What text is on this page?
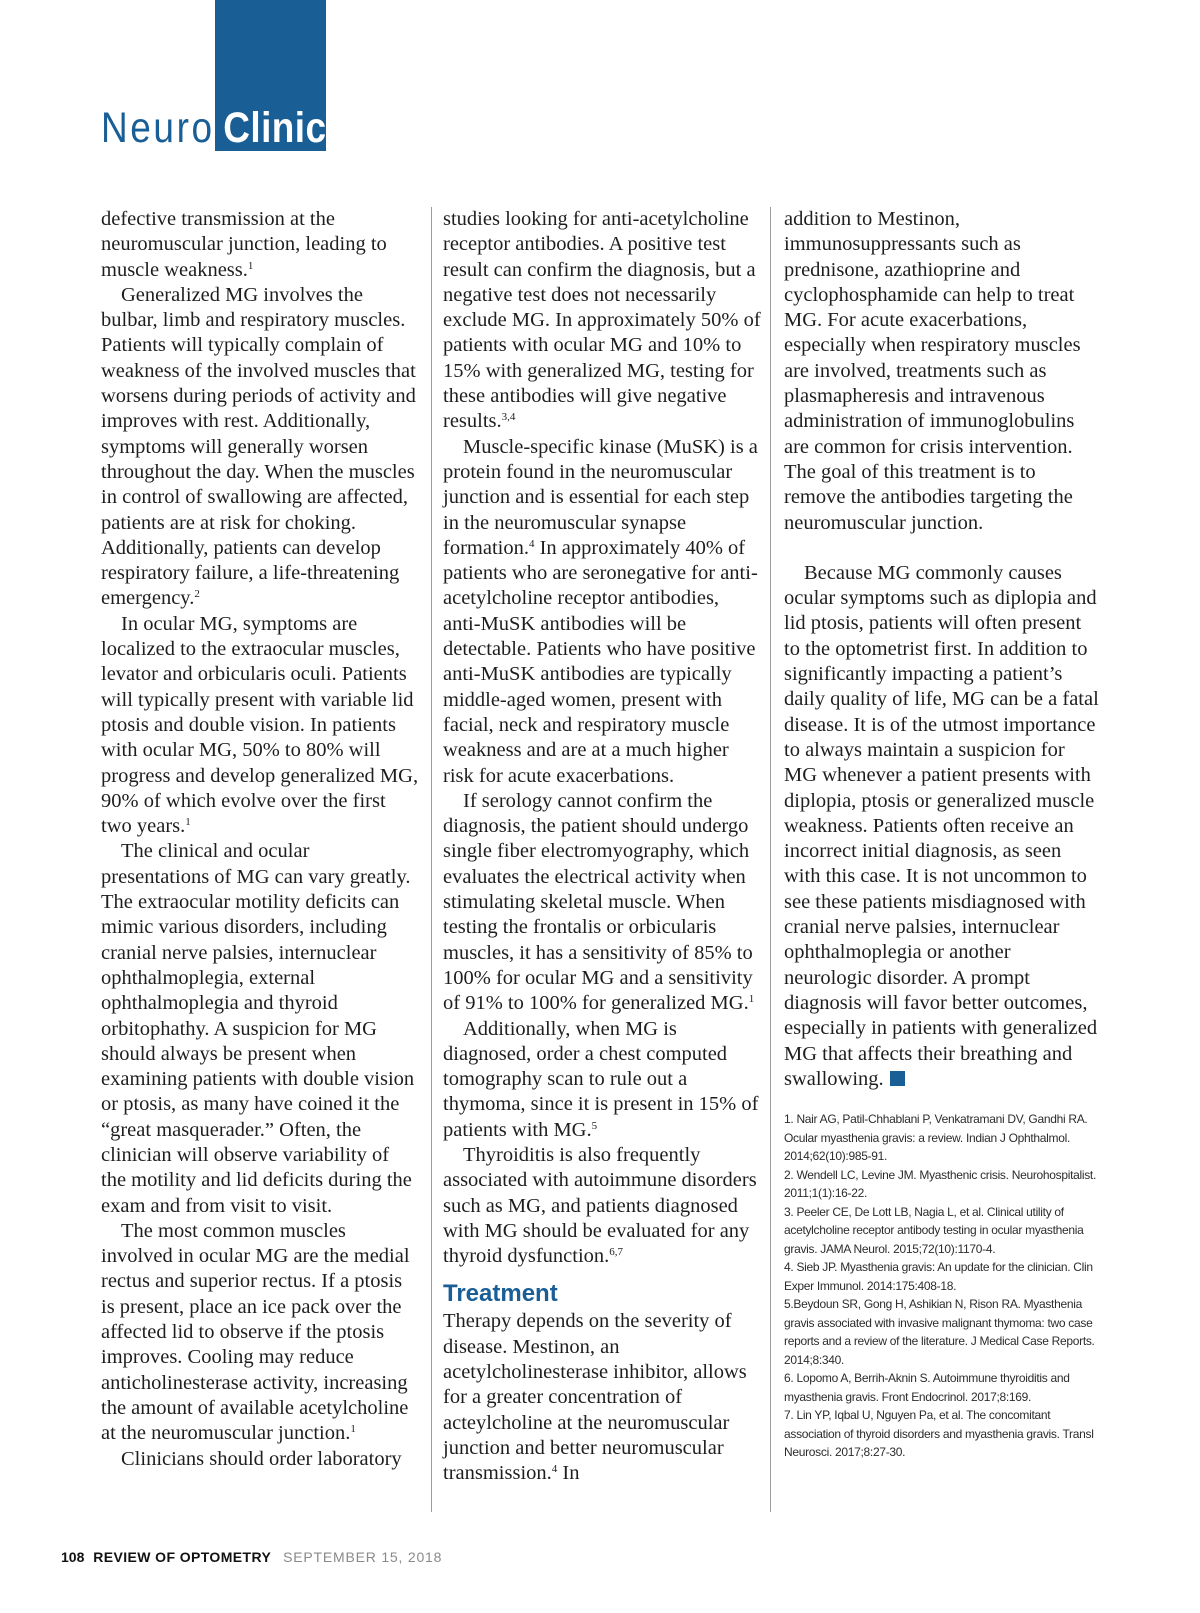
Neuro Clinic

defective transmission at the neuromuscular junction, leading to muscle weakness.$^1$

Generalized MG involves the bulbar, limb and respiratory muscles. Patients will typically complain of weakness of the involved muscles that worsens during periods of activity and improves with rest. Additionally, symptoms will generally worsen throughout the day. When the muscles in control of swallowing are affected, patients are at risk for choking. Additionally, patients can develop respiratory failure, a life-threatening emergency.$^2$

In ocular MG, symptoms are localized to the extraocular muscles, levator and orbicularis oculi. Patients will typically present with variable lid ptosis and double vision. In patients with ocular MG, 50% to 80% will progress and develop generalized MG, 90% of which evolve over the first two years.$^1$

The clinical and ocular presentations of MG can vary greatly. The extraocular motility deficits can mimic various disorders, including cranial nerve palsies, internuclear ophthalmoplegia, external ophthalmoplegia and thyroid orbitophathy. A suspicion for MG should always be present when examining patients with double vision or ptosis, as many have coined it the “great masquerader.” Often, the clinician will observe variability of the motility and lid deficits during the exam and from visit to visit.

The most common muscles involved in ocular MG are the medial rectus and superior rectus. If a ptosis is present, place an ice pack over the affected lid to observe if the ptosis improves. Cooling may reduce anticholinesterase activity, increasing the amount of available acetylcholine at the neuromuscular junction.$^1$

Clinicians should order laboratory

studies looking for anti-acetylcholine receptor antibodies. A positive test result can confirm the diagnosis, but a negative test does not necessarily exclude MG. In approximately 50% of patients with ocular MG and 10% to 15% with generalized MG, testing for these antibodies will give negative results.$^{3,4}$

Muscle-specific kinase (MuSK) is a protein found in the neuromuscular junction and is essential for each step in the neuromuscular synapse formation.$^4$ In approximately 40% of patients who are seronegative for anti-acetylcholine receptor antibodies, anti-MuSK antibodies will be detectable. Patients who have positive anti-MuSK antibodies are typically middle-aged women, present with facial, neck and respiratory muscle weakness and are at a much higher risk for acute exacerbations.

If serology cannot confirm the diagnosis, the patient should undergo single fiber electromyography, which evaluates the electrical activity when stimulating skeletal muscle. When testing the frontalis or orbicularis muscles, it has a sensitivity of 85% to 100% for ocular MG and a sensitivity of 91% to 100% for generalized MG.$^1$

Additionally, when MG is diagnosed, order a chest computed tomography scan to rule out a thymoma, since it is present in 15% of patients with MG.$^5$

Thyroiditis is also frequently associated with autoimmune disorders such as MG, and patients diagnosed with MG should be evaluated for any thyroid dysfunction.$^{6,7}$

Treatment

Therapy depends on the severity of disease. Mestinon, an acetylcholinesterase inhibitor, allows for a greater concentration of acteylcholine at the neuromuscular junction and better neuromuscular transmission.$^4$ In

addition to Mestinon, immunosuppressants such as prednisone, azathioprine and cyclophosphamide can help to treat MG. For acute exacerbations, especially when respiratory muscles are involved, treatments such as plasmapheresis and intravenous administration of immunoglobulins are common for crisis intervention. The goal of this treatment is to remove the antibodies targeting the neuromuscular junction.

Because MG commonly causes ocular symptoms such as diplopia and lid ptosis, patients will often present to the optometrist first. In addition to significantly impacting a patient’s daily quality of life, MG can be a fatal disease. It is of the utmost importance to always maintain a suspicion for MG whenever a patient presents with diplopia, ptosis or generalized muscle weakness. Patients often receive an incorrect initial diagnosis, as seen with this case. It is not uncommon to see these patients misdiagnosed with cranial nerve palsies, internuclear ophthalmoplegia or another neurologic disorder. A prompt diagnosis will favor better outcomes, especially in patients with generalized MG that affects their breathing and swallowing.

1. Nair AG, Patil-Chhablani P, Venkatramani DV, Gandhi RA. Ocular myasthenia gravis: a review. Indian J Ophthalmol. 2014;62(10):985-91.
2. Wendell LC, Levine JM. Myasthenic crisis. Neurohospitalist. 2011;1(1):16-22.
3. Peeler CE, De Lott LB, Nagia L, et al. Clinical utility of acetylcholine receptor antibody testing in ocular myasthenia gravis. JAMA Neurol. 2015;72(10):1170-4.
4. Sieb JP. Myasthenia gravis: An update for the clinician. Clin Exper Immunol. 2014:175:408-18.
5.Beydoun SR, Gong H, Ashikian N, Rison RA. Myasthenia gravis associated with invasive malignant thymoma: two case reports and a review of the literature. J Medical Case Reports. 2014;8:340.
6. Lopomo A, Berrih-Aknin S. Autoimmune thyroiditis and myasthenia gravis. Front Endocrinol. 2017;8:169.
7. Lin YP, Iqbal U, Nguyen Pa, et al. The concomitant association of thyroid disorders and myasthenia gravis. Transl Neurosci. 2017;8:27-30.
108 REVIEW OF OPTOMETRY SEPTEMBER 15, 2018
